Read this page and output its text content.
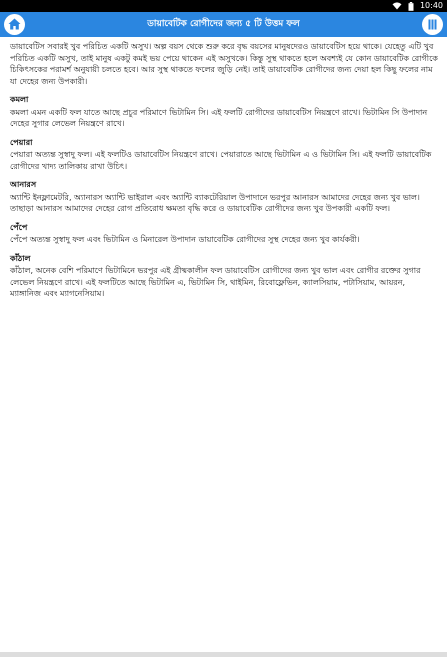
10:40
ডায়াবেটিক রোগীদের জন্য ৫ টি উত্তম ফল

ডায়াবেটিস সবারই খুব পরিচিত একটি অসুখ। অল্প বয়স থেকে শুরু করে বৃদ্ধ বয়সের মানুষদেরও ডায়াবেটিস হয়ে থাকে। যেহেতু এটি খুব পরিচিত একটি অসুখ, তাই মানুষ একটু কমই ভয় পেয়ে থাকেন এই অসুখকে। কিন্তু সুস্থ থাকতে হলে অবশ্যই যে কোন ডায়াবেটিক রোগীকে চিকিৎসকের পরামর্শ অনুযায়ী চলতে হবে। আর সুস্থ থাকতে ফলের জুড়ি নেই। তাই ডায়াবেটিক রোগীদের জন্য দেয়া হল কিছু ফলের নাম যা দেহের জন্য উপকারী।

কমলা

কমলা এমন একটি ফল যাতে আছে প্রচুর পরিমাণে ভিটামিন সি। এই ফলটি রোগীদের ডায়াবেটিস নিয়ন্ত্রণে রাখে। ভিটামিন সি উপাদান দেহের সুগার লেভেল নিয়ন্ত্রণে রাখে।

পেয়ারা

পেয়ারা অত্যন্ত সুস্বাদু ফল। এই ফলটিও ডায়াবেটিস নিয়ন্ত্রণে রাখে। পেয়ারাতে আছে ভিটামিন এ ও ভিটামিন সি। এই ফলটি ডায়াবেটিক রোগীদের খাদ্য তালিকায় রাখা উচিৎ।

আনারস

অ্যান্টি ইনফ্লামেটরি, অ্যানারস অ্যান্টি ভাইরাল এবং অ্যান্টি ব্যাকটেরিয়াল উপাদানে ভরপুর আনারস আমাদের দেহের জন্য খুব ভাল। তাছাড়া আনারস আমাদের দেহের রোগ প্রতিরোধ ক্ষমতা বৃদ্ধি করে ও ডায়াবেটিক রোগীদের জন্য খুব উপকারী একটি ফল।

পেঁপে

পেঁপে অত্যন্ত সুস্বাদু ফল এবং ভিটামিন ও মিনারেল উপাদান ডায়াবেটিক রোগীদের সুস্থ দেহের জন্য খুব কার্যকরী।

কাঁঠাল

কাঁঠাল, অনেক বেশি পরিমাণে ভিটামিনে ভরপুর এই গ্রীষ্মকালীন ফল ডায়াবেটিস রোগীদের জন্য খুব ভাল এবং রোগীর রক্তের সুগার লেভেল নিয়ন্ত্রণে রাখে। এই ফলটিতে আছে ভিটামিন এ, ভিটামিন সি, থাইমিন, রিবোফ্লেভিন, ক্যালসিয়াম, পটাসিয়াম, আয়রন, ম্যাঙ্গানিজ এবং ম্যাগনেসিয়াম।
